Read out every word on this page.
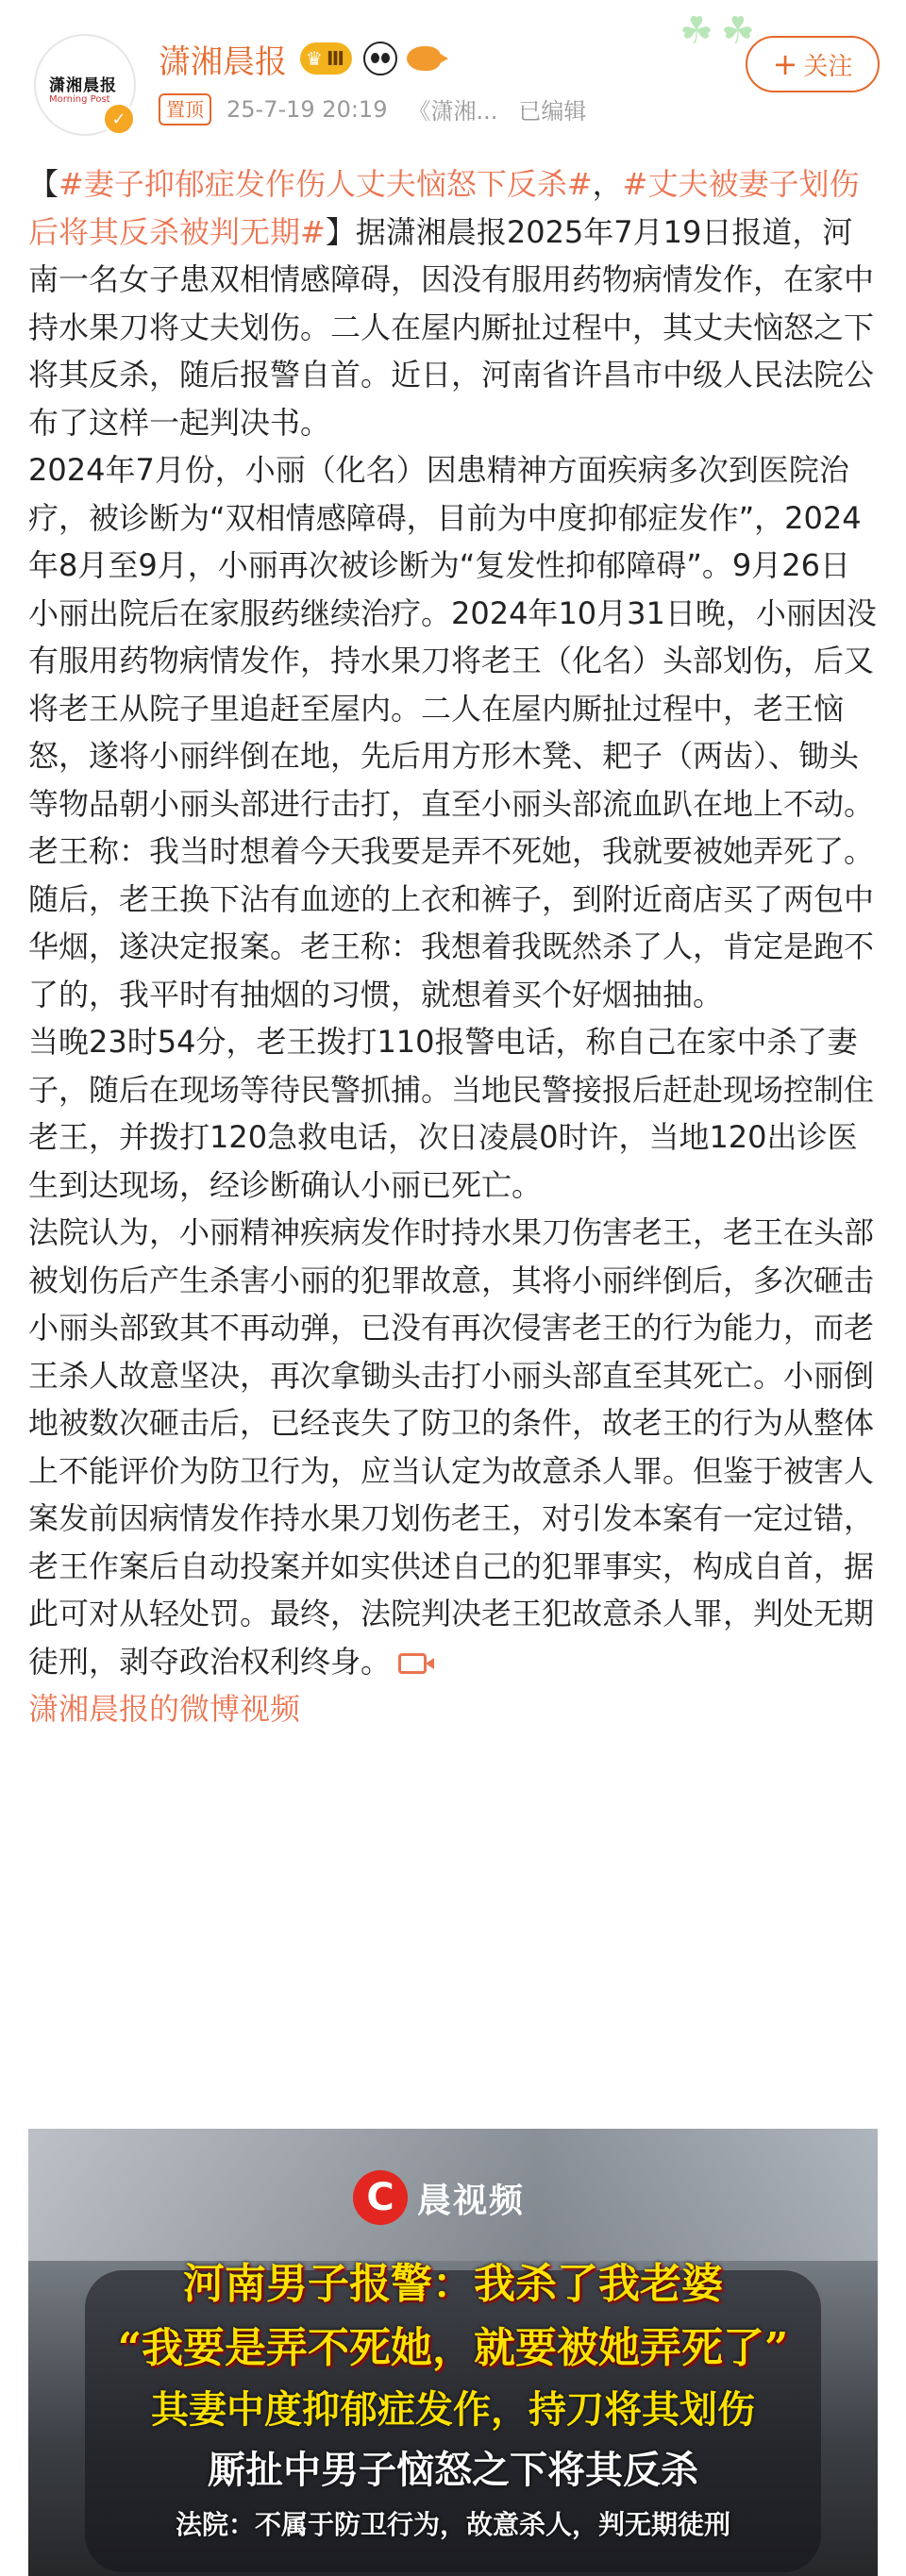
潇湘晨报
Morning Post
✓
潇湘晨报 ♛ Ⅲ
☘☘
置顶	25-7-19 20:19 《潇湘... 已编辑
+ 关注

【#妻子抑郁症发作伤人丈夫恼怒下反杀#，#丈夫被妻子划伤后将其反杀被判无期#】据潇湘晨报2025年7月19日报道，河南一名女子患双相情感障碍，因没有服用药物病情发作，在家中持水果刀将丈夫划伤。二人在屋内厮扯过程中，其丈夫恼怒之下将其反杀，随后报警自首。近日，河南省许昌市中级人民法院公布了这样一起判决书。

2024年7月份，小丽（化名）因患精神方面疾病多次到医院治疗，被诊断为“双相情感障碍，目前为中度抑郁症发作”，2024年8月至9月，小丽再次被诊断为“复发性抑郁障碍”。9月26日小丽出院后在家服药继续治疗。2024年10月31日晚，小丽因没有服用药物病情发作，持水果刀将老王（化名）头部划伤，后又将老王从院子里追赶至屋内。二人在屋内厮扯过程中，老王恼怒，遂将小丽绊倒在地，先后用方形木凳、耙子（两齿）、锄头等物品朝小丽头部进行击打，直至小丽头部流血趴在地上不动。老王称：我当时想着今天我要是弄不死她，我就要被她弄死了。随后，老王换下沾有血迹的上衣和裤子，到附近商店买了两包中华烟，遂决定报案。老王称：我想着我既然杀了人，肯定是跑不了的，我平时有抽烟的习惯，就想着买个好烟抽抽。

当晚23时54分，老王拨打110报警电话，称自己在家中杀了妻子，随后在现场等待民警抓捕。当地民警接报后赶赴现场控制住老王，并拨打120急救电话，次日凌晨0时许，当地120出诊医生到达现场，经诊断确认小丽已死亡。

法院认为，小丽精神疾病发作时持水果刀伤害老王，老王在头部被划伤后产生杀害小丽的犯罪故意，其将小丽绊倒后，多次砸击小丽头部致其不再动弹，已没有再次侵害老王的行为能力，而老王杀人故意坚决，再次拿锄头击打小丽头部直至其死亡。小丽倒地被数次砸击后，已经丧失了防卫的条件，故老王的行为从整体上不能评价为防卫行为，应当认定为故意杀人罪。但鉴于被害人案发前因病情发作持水果刀划伤老王，对引发本案有一定过错，老王作案后自动投案并如实供述自己的犯罪事实，构成自首，据此可对从轻处罚。最终，法院判决老王犯故意杀人罪，判处无期徒刑，剥夺政治权利终身。

潇湘晨报的微博视频

C 晨视频
河南男子报警：我杀了我老婆
“我要是弄不死她，就要被她弄死了”
其妻中度抑郁症发作，持刀将其划伤
厮扯中男子恼怒之下将其反杀
法院：不属于防卫行为，故意杀人，判无期徒刑
